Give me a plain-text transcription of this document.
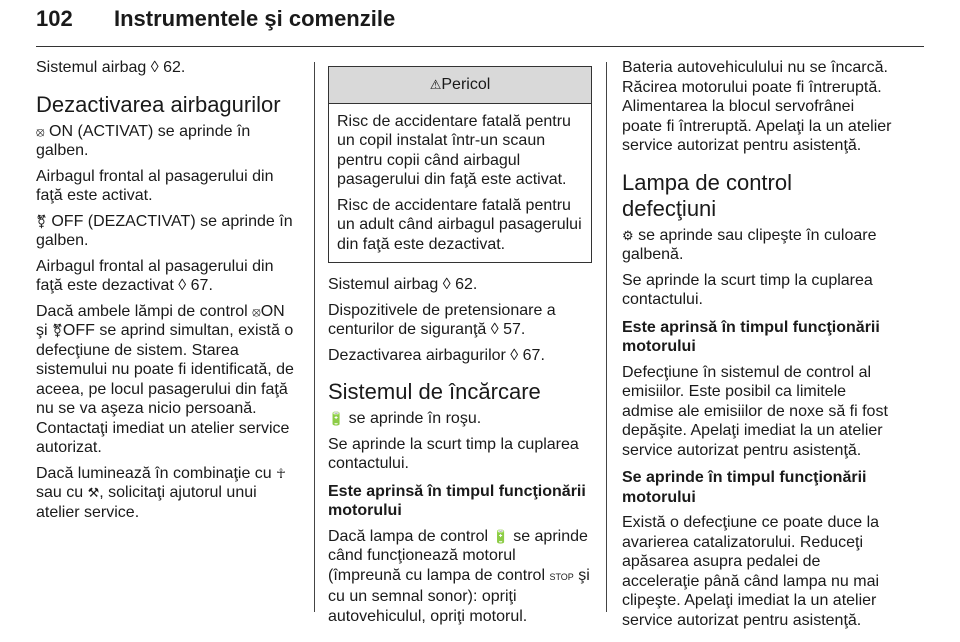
102 Instrumentele şi comenzile

Sistemul airbag ◊ 62.

Dezactivarea airbagurilor

⦻ ON (ACTIVAT) se aprinde în galben.

Airbagul frontal al pasagerului din faţă este activat.

⚧ OFF (DEZACTIVAT) se aprinde în galben.

Airbagul frontal al pasagerului din faţă este dezactivat ◊ 67.

Dacă ambele lămpi de control ⦻ON şi ⚧OFF se aprind simultan, există o defecţiune de sistem. Starea sistemului nu poate fi identificată, de aceea, pe locul pasagerului din faţă nu se va aşeza nicio persoană. Contactaţi imediat un atelier service autorizat.

Dacă luminează în combinaţie cu ☥ sau cu ⚒, solicitaţi ajutorul unui atelier service.

⚠Pericol

Risc de accidentare fatală pentru un copil instalat într-un scaun pentru copii când airbagul pasagerului din faţă este activat.

Risc de accidentare fatală pentru un adult când airbagul pasagerului din faţă este dezactivat.

Sistemul airbag ◊ 62.

Dispozitivele de pretensionare a centurilor de siguranţă ◊ 57.

Dezactivarea airbagurilor ◊ 67.

Sistemul de încărcare

🔋 se aprinde în roşu.

Se aprinde la scurt timp la cuplarea contactului.

Este aprinsă în timpul funcţionării motorului

Dacă lampa de control 🔋 se aprinde când funcţionează motorul (împreună cu lampa de control STOP şi cu un semnal sonor): opriţi autovehiculul, opriţi motorul.

Bateria autovehiculului nu se încarcă. Răcirea motorului poate fi întreruptă. Alimentarea la blocul servofrânei poate fi întreruptă. Apelaţi la un atelier service autorizat pentru asistenţă.

Lampa de control defecţiuni

⚙ se aprinde sau clipeşte în culoare galbenă.

Se aprinde la scurt timp la cuplarea contactului.

Este aprinsă în timpul funcţionării motorului

Defecţiune în sistemul de control al emisiilor. Este posibil ca limitele admise ale emisiilor de noxe să fi fost depăşite. Apelaţi imediat la un atelier service autorizat pentru asistenţă.

Se aprinde în timpul funcţionării motorului

Există o defecţiune ce poate duce la avarierea catalizatorului. Reduceţi apăsarea asupra pedalei de acceleraţie până când lampa nu mai clipeşte. Apelaţi imediat la un atelier service autorizat pentru asistenţă.
